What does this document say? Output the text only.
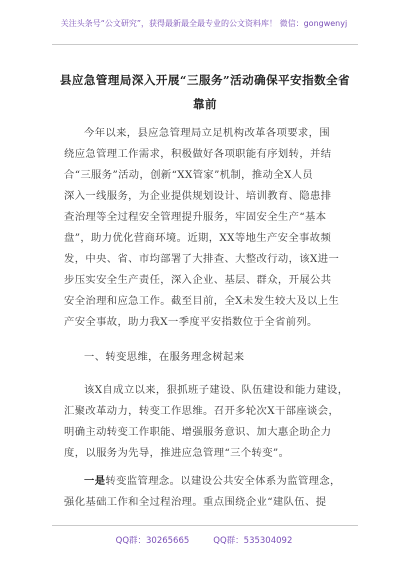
关注头条号“公文研究”，获得最新最全最专业的公文资料库！ 微信：gongwenyj
县应急管理局深入开展“三服务”活动确保平安指数全省
靠前
今年以来，县应急管理局立足机构改革各项要求，围
绕应急管理工作需求，积极做好各项职能有序划转，并结
合“三服务”活动，创新“XX管家”机制，推动全X人员
深入一线服务，为企业提供规划设计、培训教育、隐患排
查治理等全过程安全管理提升服务，牢固安全生产“基本
盘”，助力优化营商环境。近期，XX等地生产安全事故频
发，中央、省、市均部署了大排查、大整改行动，该X进一
步压实安全生产责任，深入企业、基层、群众，开展公共
安全治理和应急工作。截至目前，全X未发生较大及以上生
产安全事故，助力我X一季度平安指数位于全省前列。
一、转变思维，在服务理念树起来
该X自成立以来，狠抓班子建设、队伍建设和能力建设，
汇聚改革动力，转变工作思维。召开多轮次X干部座谈会，
明确主动转变工作职能、增强服务意识、加大惠企助企力
度，以服务为先导，推进应急管理“三个转变”。
一是转变监管理念。以建设公共安全体系为监管理念，
强化基础工作和全过程治理。重点围绕企业“建队伍、提
QQ群：30265665	QQ群：535304092
